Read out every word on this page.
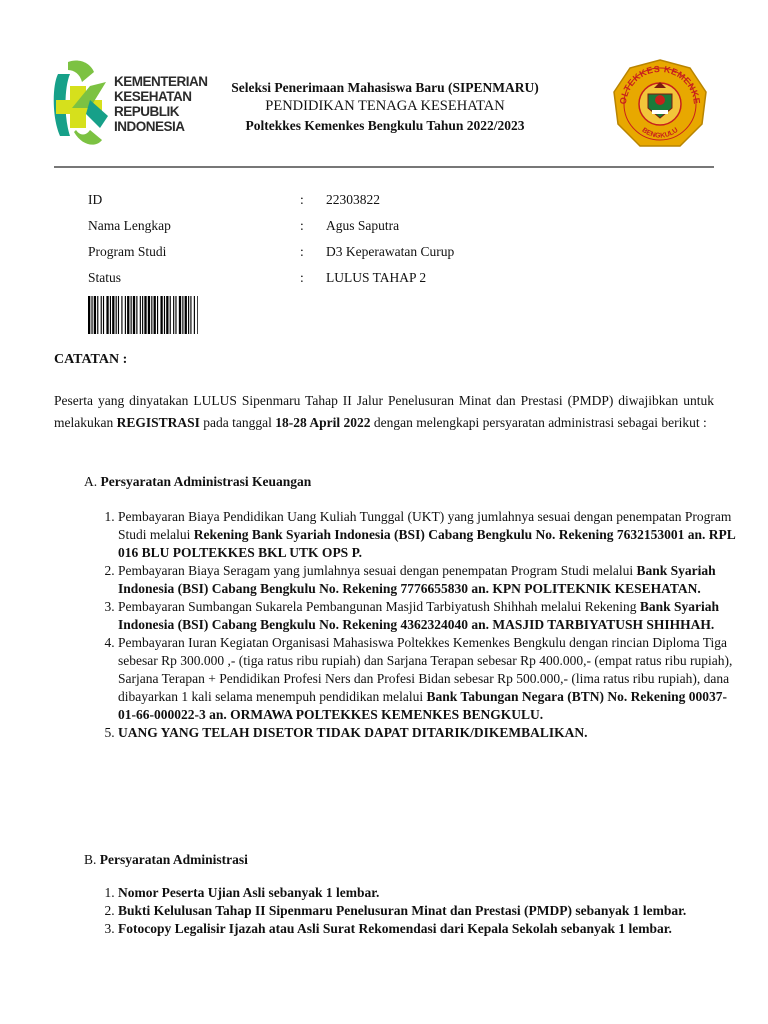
KEMENTERIAN
KESEHATAN
REPUBLIK
INDONESIA
Seleksi Penerimaan Mahasiswa Baru (SIPENMARU)
PENDIDIKAN TENAGA KESEHATAN
Poltekkes Kemenkes Bengkulu Tahun 2022/2023
OLTEKKES KEMENKE
BENGKULU
ID	: 22303822
Nama Lengkap	: Agus Saputra
Program Studi	: D3 Keperawatan Curup
Status	: LULUS TAHAP 2
CATATAN :
Peserta yang dinyatakan LULUS Sipenmaru Tahap II Jalur Penelusuran Minat dan Prestasi (PMDP) diwajibkan untuk melakukan REGISTRASI pada tanggal 18-28 April 2022 dengan melengkapi persyaratan administrasi sebagai berikut :
A. Persyaratan Administrasi Keuangan
1. Pembayaran Biaya Pendidikan Uang Kuliah Tunggal (UKT) yang jumlahnya sesuai dengan penempatan Program Studi melalui Rekening Bank Syariah Indonesia (BSI) Cabang Bengkulu No. Rekening 7632153001 an. RPL 016 BLU POLTEKKES BKL UTK OPS P.
2. Pembayaran Biaya Seragam yang jumlahnya sesuai dengan penempatan Program Studi melalui Bank Syariah Indonesia (BSI) Cabang Bengkulu No. Rekening 7776655830 an. KPN POLITEKNIK KESEHATAN.
3. Pembayaran Sumbangan Sukarela Pembangunan Masjid Tarbiyatush Shihhah melalui Rekening Bank Syariah Indonesia (BSI) Cabang Bengkulu No. Rekening 4362324040 an. MASJID TARBIYATUSH SHIHHAH.
4. Pembayaran Iuran Kegiatan Organisasi Mahasiswa Poltekkes Kemenkes Bengkulu dengan rincian Diploma Tiga sebesar Rp 300.000 ,- (tiga ratus ribu rupiah) dan Sarjana Terapan sebesar Rp 400.000,- (empat ratus ribu rupiah), Sarjana Terapan + Pendidikan Profesi Ners dan Profesi Bidan sebesar Rp 500.000,- (lima ratus ribu rupiah), dana dibayarkan 1 kali selama menempuh pendidikan melalui Bank Tabungan Negara (BTN) No. Rekening 00037-01-66-000022-3 an. ORMAWA POLTEKKES KEMENKES BENGKULU.
5. UANG YANG TELAH DISETOR TIDAK DAPAT DITARIK/DIKEMBALIKAN.
B. Persyaratan Administrasi
1. Nomor Peserta Ujian Asli sebanyak 1 lembar.
2. Bukti Kelulusan Tahap II Sipenmaru Penelusuran Minat dan Prestasi (PMDP) sebanyak 1 lembar.
3. Fotocopy Legalisir Ijazah atau Asli Surat Rekomendasi dari Kepala Sekolah sebanyak 1 lembar.
